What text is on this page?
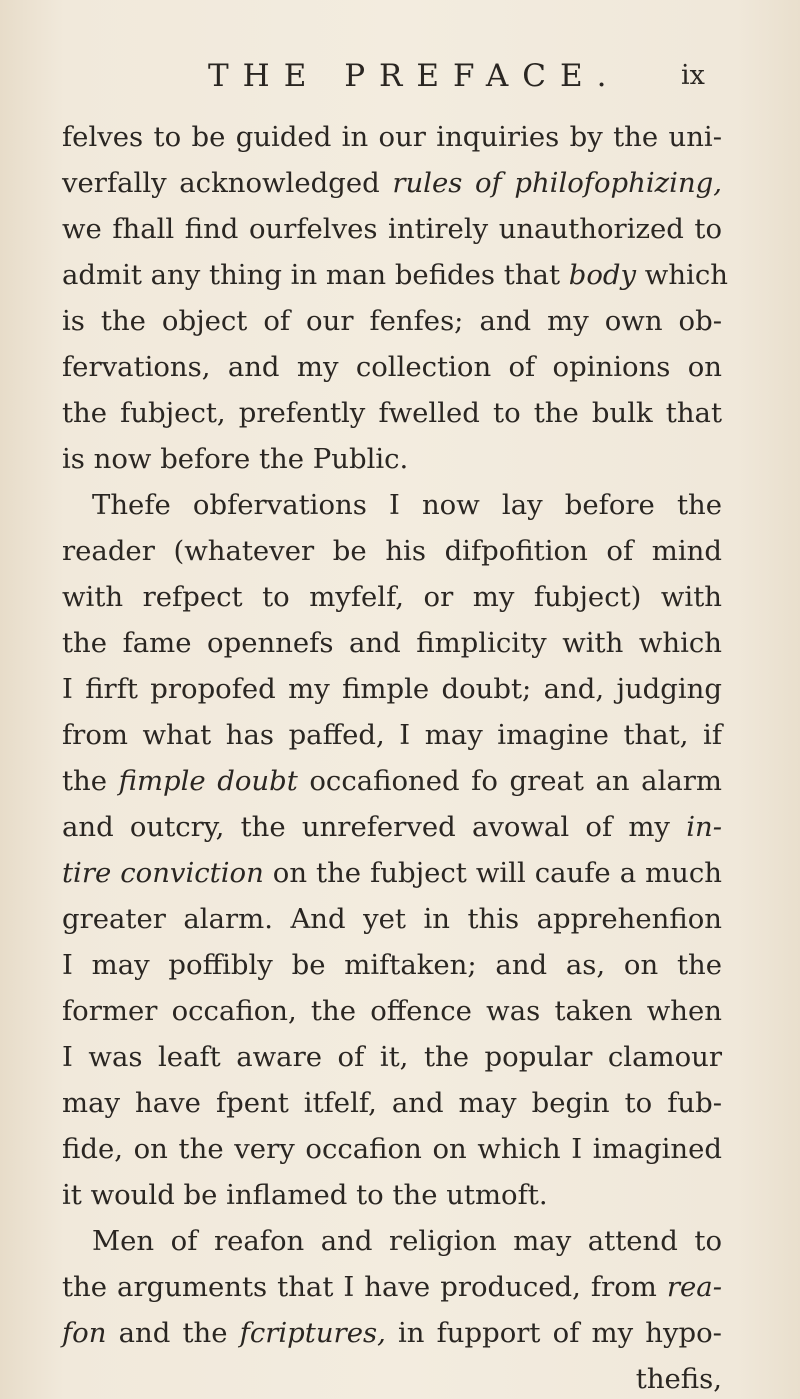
THE PREFACE. ix
felves to be guided in our inquiries by the uni-
verfally acknowledged rules of philofophizing,
we fhall find ourfelves intirely unauthorized to
admit any thing in man befides that body which
is the object of our fenfes; and my own ob-
fervations, and my collection of opinions on
the fubject, prefently fwelled to the bulk that
is now before the Public.
Thefe obfervations I now lay before the
reader (whatever be his difpofition of mind
with refpect to myfelf, or my fubject) with
the fame opennefs and fimplicity with which
I firft propofed my fimple doubt; and, judging
from what has paffed, I may imagine that, if
the fimple doubt occafioned fo great an alarm
and outcry, the unreferved avowal of my in-
tire conviction on the fubject will caufe a much
greater alarm. And yet in this apprehenfion
I may poffibly be miftaken; and as, on the
former occafion, the offence was taken when
I was leaft aware of it, the popular clamour
may have fpent itfelf, and may begin to fub-
fide, on the very occafion on which I imagined
it would be inflamed to the utmoft.
Men of reafon and religion may attend to
the arguments that I have produced, from rea-
fon and the fcriptures, in fupport of my hypo-
thefis,
